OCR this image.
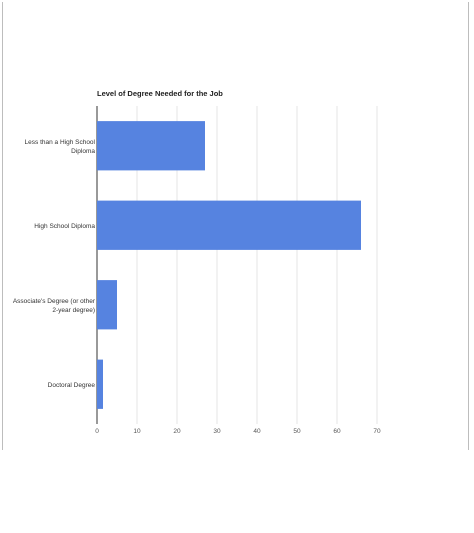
Level of Degree Needed for the Job
Less than a High School
Diploma
High School Diploma
Associate's Degree (or other
2-year degree)
Doctoral Degree
0	10	20	30	40	50	60	70
